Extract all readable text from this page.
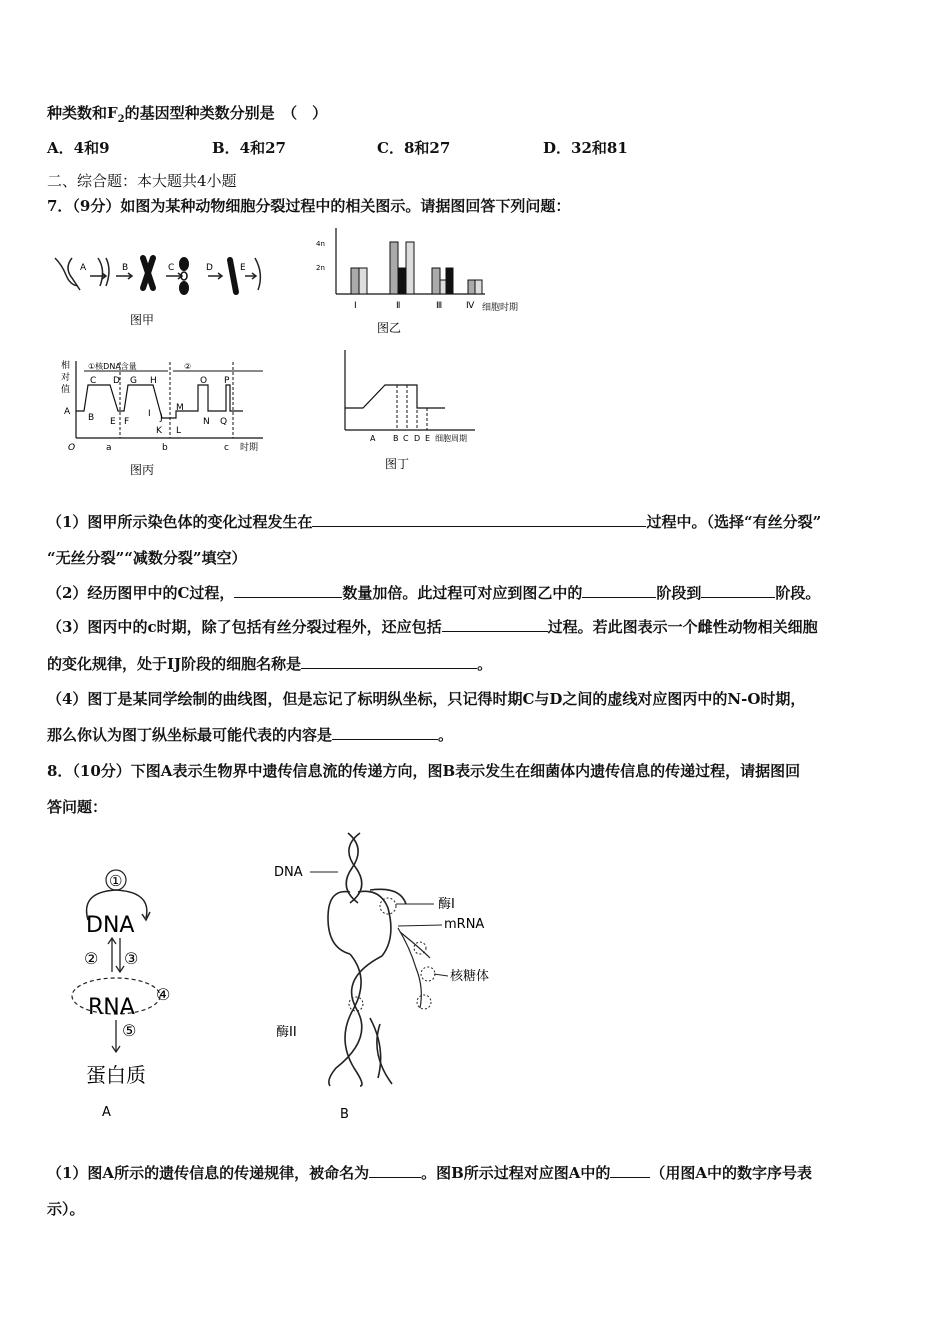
种类数和$F_2$的基因型种类数分别是　（　）
A．4和9	B．4和27	C．8和27	D．32和81
二、综合题：本大题共4小题
7．（9分）如图为某种动物细胞分裂过程中的相关图示。请据图回答下列问题：
A	B	C	D	E
图甲
4n
2n
Ⅰ	Ⅱ	Ⅲ	Ⅳ 细胞时期
图乙
相
对
值
①核DNA含量	②
A
B
C D
E F
G H
I J
K L
M
N
O
Q
P
O	a	b	c 时期
图丙
A B C D E 细胞周期
图丁
（1）图甲所示染色体的变化过程发生在	过程中。（选择“有丝分裂”
“无丝分裂”“减数分裂”填空）
（2）经历图甲中的C过程，	数量加倍。此过程可对应到图乙中的	阶段到	阶段。
（3）图丙中的c时期，除了包括有丝分裂过程外，还应包括	过程。若此图表示一个雌性动物相关细胞
的变化规律，处于IJ阶段的细胞名称是	。
（4）图丁是某同学绘制的曲线图，但是忘记了标明纵坐标，只记得时期C与D之间的虚线对应图丙中的N-O时期，
那么你认为图丁纵坐标最可能代表的内容是	。
8．（10分）下图A表示生物界中遗传信息流的传递方向，图B表示发生在细菌体内遗传信息的传递过程，请据图回
答问题：
①
DNA
② ③
RNA
④
⑤
蛋白质
A
DNA
酶I
mRNA
核糖体
酶II
B
（1）图A所示的遗传信息的传递规律，被命名为	。图B所示过程对应图A中的	（用图A中的数字序号表
示）。
